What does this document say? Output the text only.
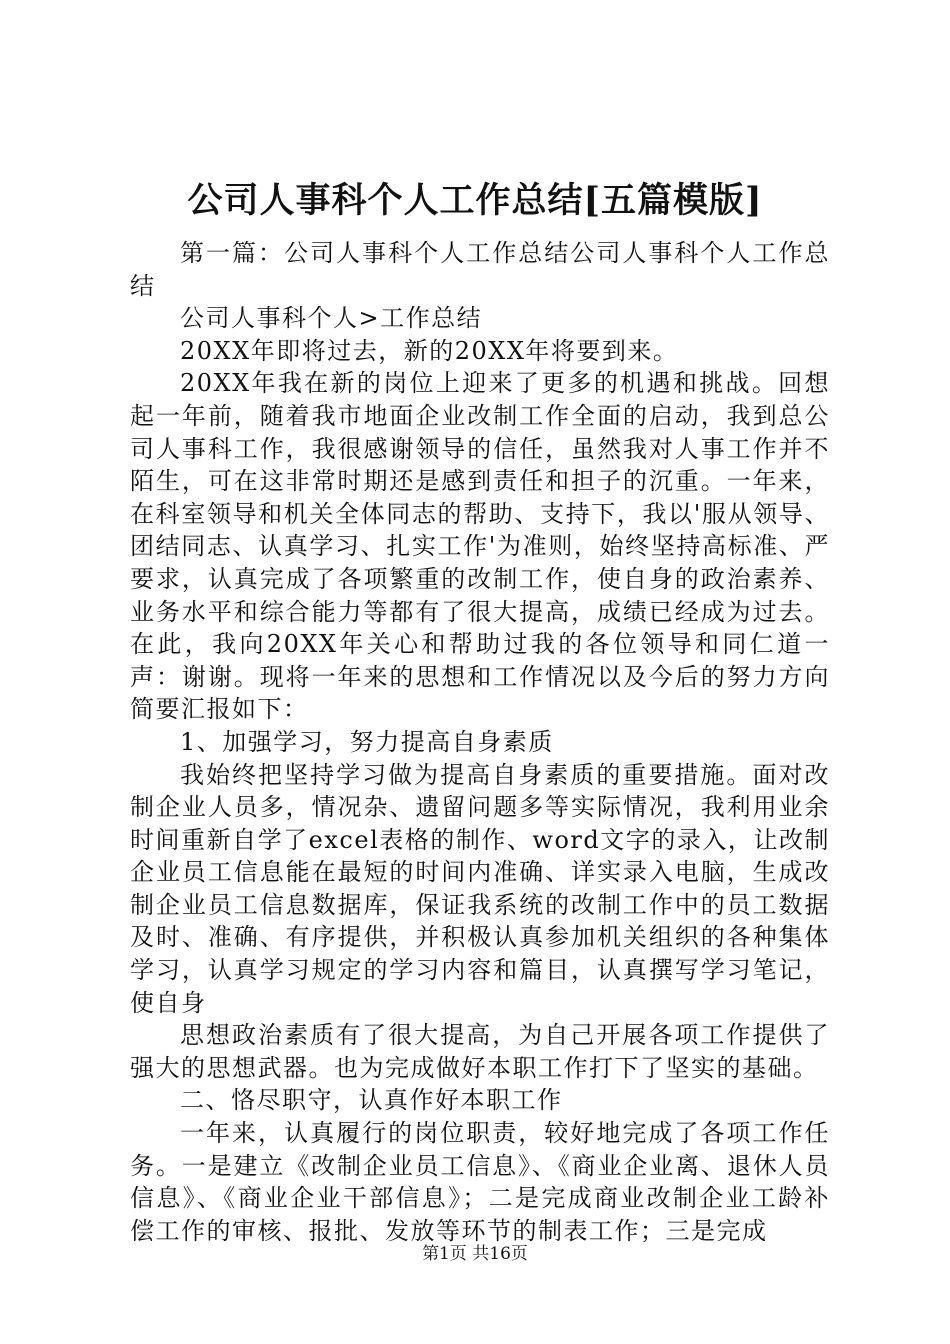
公司人事科个人工作总结[五篇模版]

第一篇：公司人事科个人工作总结公司人事科个人工作总结

公司人事科个人>工作总结

20XX年即将过去，新的20XX年将要到来。

20XX年我在新的岗位上迎来了更多的机遇和挑战。回想起一年前，随着我市地面企业改制工作全面的启动，我到总公司人事科工作，我很感谢领导的信任，虽然我对人事工作并不陌生，可在这非常时期还是感到责任和担子的沉重。一年来，在科室领导和机关全体同志的帮助、支持下，我以'服从领导、团结同志、认真学习、扎实工作'为准则，始终坚持高标准、严要求，认真完成了各项繁重的改制工作，使自身的政治素养、业务水平和综合能力等都有了很大提高，成绩已经成为过去。在此，我向20XX年关心和帮助过我的各位领导和同仁道一声：谢谢。现将一年来的思想和工作情况以及今后的努力方向简要汇报如下：

1、加强学习，努力提高自身素质

我始终把坚持学习做为提高自身素质的重要措施。面对改制企业人员多，情况杂、遗留问题多等实际情况，我利用业余时间重新自学了excel表格的制作、word文字的录入，让改制企业员工信息能在最短的时间内准确、详实录入电脑，生成改制企业员工信息数据库，保证我系统的改制工作中的员工数据及时、准确、有序提供，并积极认真参加机关组织的各种集体学习，认真学习规定的学习内容和篇目，认真撰写学习笔记，使自身

思想政治素质有了很大提高，为自己开展各项工作提供了强大的思想武器。也为完成做好本职工作打下了坚实的基础。

二、恪尽职守，认真作好本职工作

一年来，认真履行的岗位职责，较好地完成了各项工作任务。一是建立《改制企业员工信息》、《商业企业离、退休人员信息》、《商业企业干部信息》；二是完成商业改制企业工龄补偿工作的审核、报批、发放等环节的制表工作；三是完成

第1页 共16页
